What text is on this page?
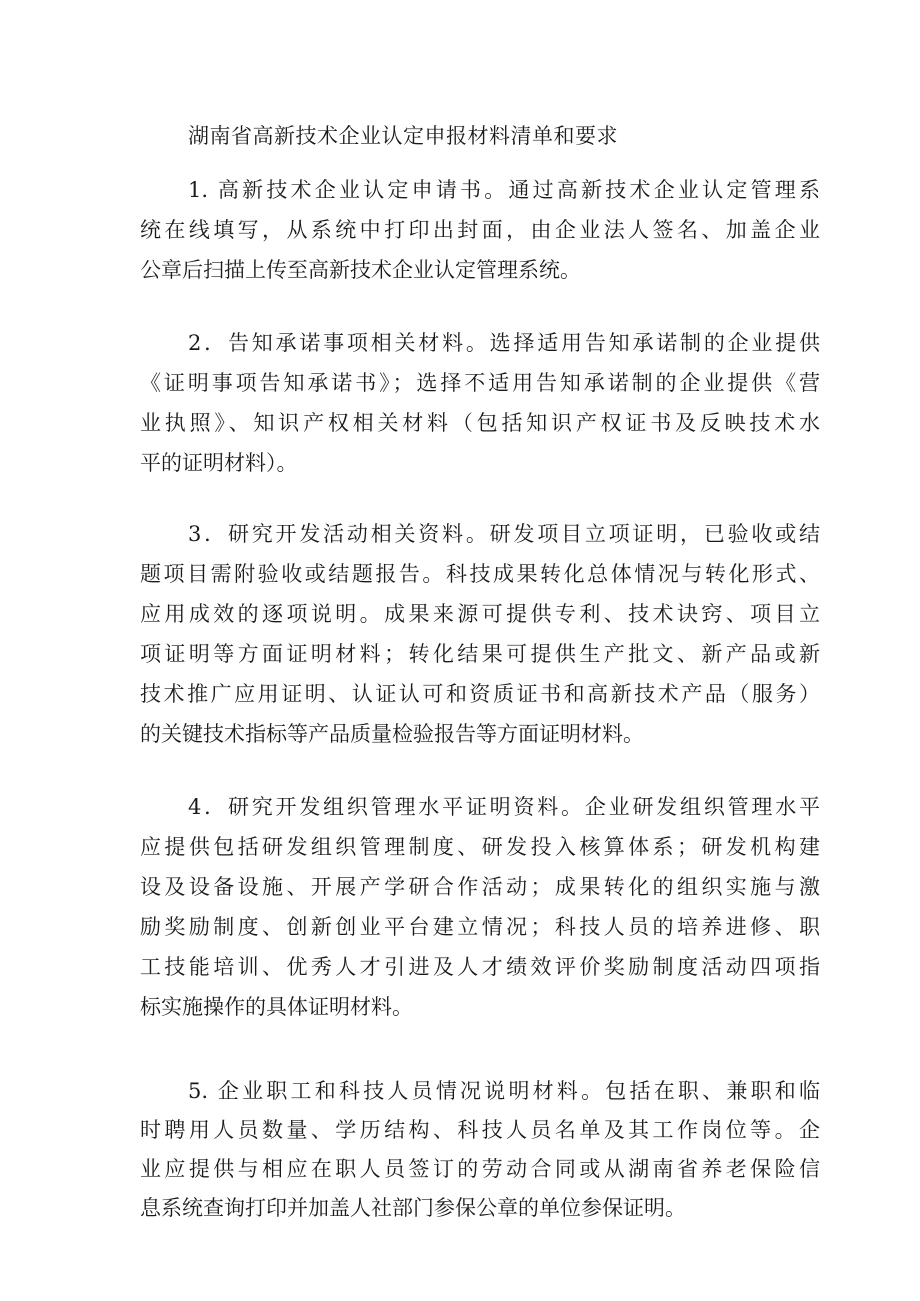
湖南省高新技术企业认定申报材料清单和要求
1. 高新技术企业认定申请书。通过高新技术企业认定管理系
统在线填写，从系统中打印出封面，由企业法人签名、加盖企业
公章后扫描上传至高新技术企业认定管理系统。
2．告知承诺事项相关材料。选择适用告知承诺制的企业提供
《证明事项告知承诺书》；选择不适用告知承诺制的企业提供《营
业执照》、知识产权相关材料（包括知识产权证书及反映技术水
平的证明材料）。
3．研究开发活动相关资料。研发项目立项证明，已验收或结
题项目需附验收或结题报告。科技成果转化总体情况与转化形式、
应用成效的逐项说明。成果来源可提供专利、技术诀窍、项目立
项证明等方面证明材料；转化结果可提供生产批文、新产品或新
技术推广应用证明、认证认可和资质证书和高新技术产品（服务）
的关键技术指标等产品质量检验报告等方面证明材料。
4．研究开发组织管理水平证明资料。企业研发组织管理水平
应提供包括研发组织管理制度、研发投入核算体系；研发机构建
设及设备设施、开展产学研合作活动；成果转化的组织实施与激
励奖励制度、创新创业平台建立情况；科技人员的培养进修、职
工技能培训、优秀人才引进及人才绩效评价奖励制度活动四项指
标实施操作的具体证明材料。
5. 企业职工和科技人员情况说明材料。包括在职、兼职和临
时聘用人员数量、学历结构、科技人员名单及其工作岗位等。企
业应提供与相应在职人员签订的劳动合同或从湖南省养老保险信
息系统查询打印并加盖人社部门参保公章的单位参保证明。
